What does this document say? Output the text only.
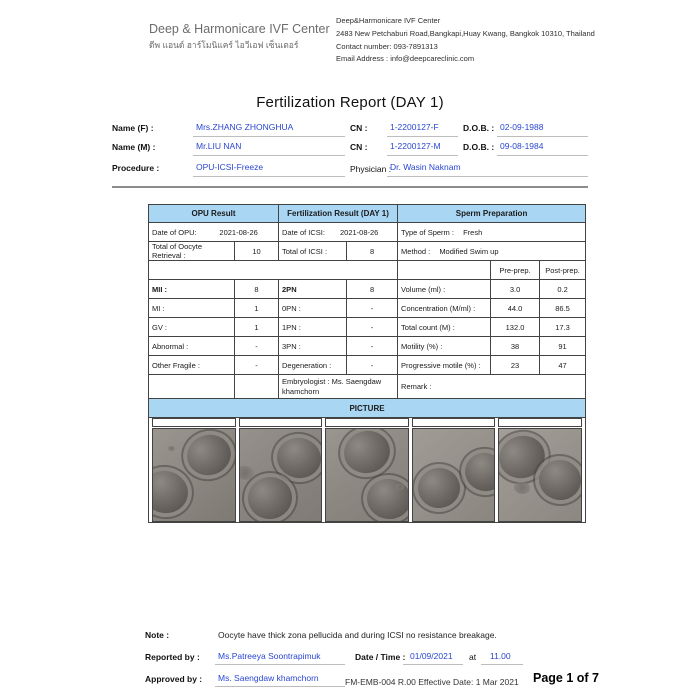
Deep & Harmonicare IVF Center
ดีพ แอนด์ ฮาร์โมนิแคร์ ไอวีเอฟ เซ็นเตอร์
Deep&Harmonicare IVF Center
2483 New Petchaburi Road,Bangkapi,Huay Kwang, Bangkok 10310, Thailand
Contact number: 093-7891313
Email Address : info@deepcareclinic.com
Fertilization Report (DAY 1)
Name (F) :	Mrs.ZHANG ZHONGHUA	CN :	1-2200127-F	D.O.B. : 02-09-1988
Name (M) :	Mr.LIU NAN	CN :	1-2200127-M	D.O.B. : 09-08-1984
Procedure :	OPU-ICSI-Freeze	Physician :
Dr. Wasin Naknam
OPU Result		Fertilization Result (DAY 1)		Sperm Preparation		

Date of OPU: 2021-08-26		Date of ICSI: 2021-08-26		Type of Sperm : Fresh		
Total of Oocyte Retrieval :	10	Total of ICSI :	8	Method : Modified Swim up		
					Pre-prep.	Post-prep.
MII :	8	2PN	8	Volume (ml) :	3.0	0.2
MI :	1	0PN :	-	Concentration (M/ml) :	44.0	86.5
GV :	1	1PN :	-	Total count (M) :	132.0	17.3
Abnormal :	-	3PN :	-	Motility (%) :	38	91
Other Fragile :	-	Degeneration :	-	Progressive motile (%) :	23	47
		Embryologist : Ms. Saengdaw khamchorn		Remark :		
PICTURE						

Note :	Oocyte have thick zona pellucida and during ICSI no resistance breakage.
Reported by : Ms.Patreeya Soontrapimuk	Date / Time : 01/09/2021 at 11.00
Approved by : Ms. Saengdaw khamchorn	FM-EMB-004 R.00 Effective Date: 1 Mar 2021 Page 1 of 7
